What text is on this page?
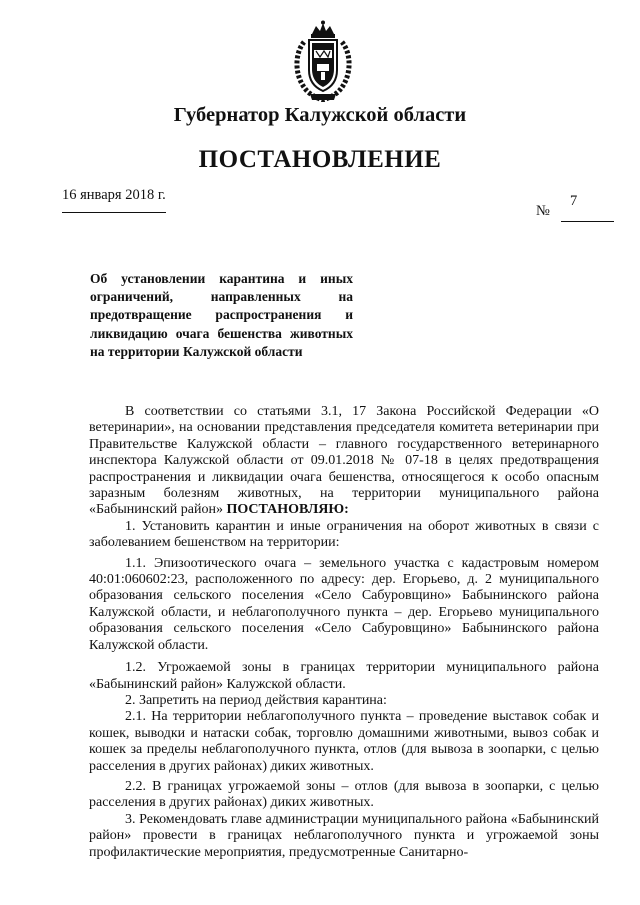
Губернатор Калужской области
ПОСТАНОВЛЕНИЕ
16 января 2018 г.	7
№
Об установлении карантина и иных ограничений, направленных на предотвращение распространения и ликвидацию очага бешенства животных на территории Калужской области

В соответствии со статьями 3.1, 17 Закона Российской Федерации «О ветеринарии», на основании представления председателя комитета ветеринарии при Правительстве Калужской области – главного государственного ветеринарного инспектора Калужской области от 09.01.2018 № 07-18 в целях предотвращения распространения и ликвидации очага бешенства, относящегося к особо опасным заразным болезням животных, на территории муниципального района «Бабынинский район» ПОСТАНОВЛЯЮ:

1. Установить карантин и иные ограничения на оборот животных в связи с заболеванием бешенством на территории:

1.1. Эпизоотического очага – земельного участка с кадастровым номером 40:01:060602:23, расположенного по адресу: дер. Егорьево, д. 2 муниципального образования сельского поселения «Село Сабуровщино» Бабынинского района Калужской области, и неблагополучного пункта – дер. Егорьево муниципального образования сельского поселения «Село Сабуровщино» Бабынинского района Калужской области.

1.2. Угрожаемой зоны в границах территории муниципального района «Бабынинский район» Калужской области.

2. Запретить на период действия карантина:

2.1. На территории неблагополучного пункта – проведение выставок собак и кошек, выводки и натаски собак, торговлю домашними животными, вывоз собак и кошек за пределы неблагополучного пункта, отлов (для вывоза в зоопарки, с целью расселения в других районах) диких животных.

2.2. В границах угрожаемой зоны – отлов (для вывоза в зоопарки, с целью расселения в других районах) диких животных.

3. Рекомендовать главе администрации муниципального района «Бабынинский район» провести в границах неблагополучного пункта и угрожаемой зоны профилактические мероприятия, предусмотренные Санитарно-
